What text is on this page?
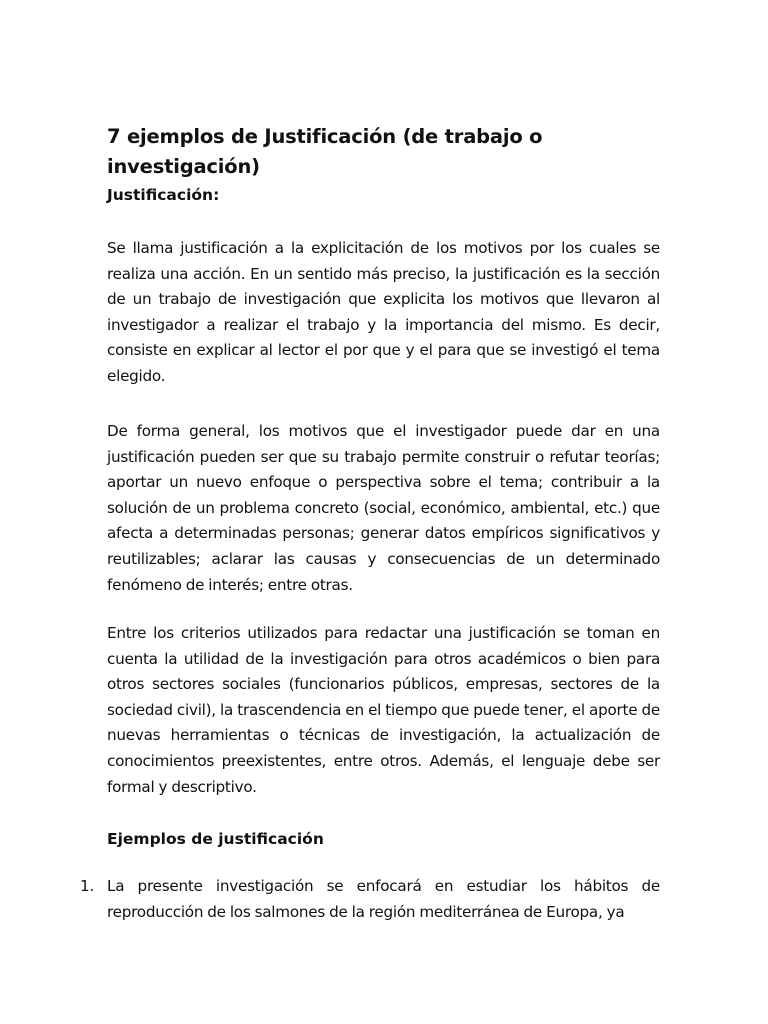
7 ejemplos de Justificación (de trabajo o investigación)
Justificación:

Se llama justificación a la explicitación de los motivos por los cuales se realiza una acción. En un sentido más preciso, la justificación es la sección de un trabajo de investigación que explicita los motivos que llevaron al investigador a realizar el trabajo y la importancia del mismo. Es decir, consiste en explicar al lector el por que y el para que se investigó el tema elegido.

De forma general, los motivos que el investigador puede dar en una justificación pueden ser que su trabajo permite construir o refutar teorías; aportar un nuevo enfoque o perspectiva sobre el tema; contribuir a la solución de un problema concreto (social, económico, ambiental, etc.) que afecta a determinadas personas; generar datos empíricos significativos y reutilizables; aclarar las causas y consecuencias de un determinado fenómeno de interés; entre otras.

Entre los criterios utilizados para redactar una justificación se toman en cuenta la utilidad de la investigación para otros académicos o bien para otros sectores sociales (funcionarios públicos, empresas, sectores de la sociedad civil), la trascendencia en el tiempo que puede tener, el aporte de nuevas herramientas o técnicas de investigación, la actualización de conocimientos preexistentes, entre otros. Además, el lenguaje debe ser formal y descriptivo.

Ejemplos de justificación
1. La presente investigación se enfocará en estudiar los hábitos de reproducción de los salmones de la región mediterránea de Europa, ya
